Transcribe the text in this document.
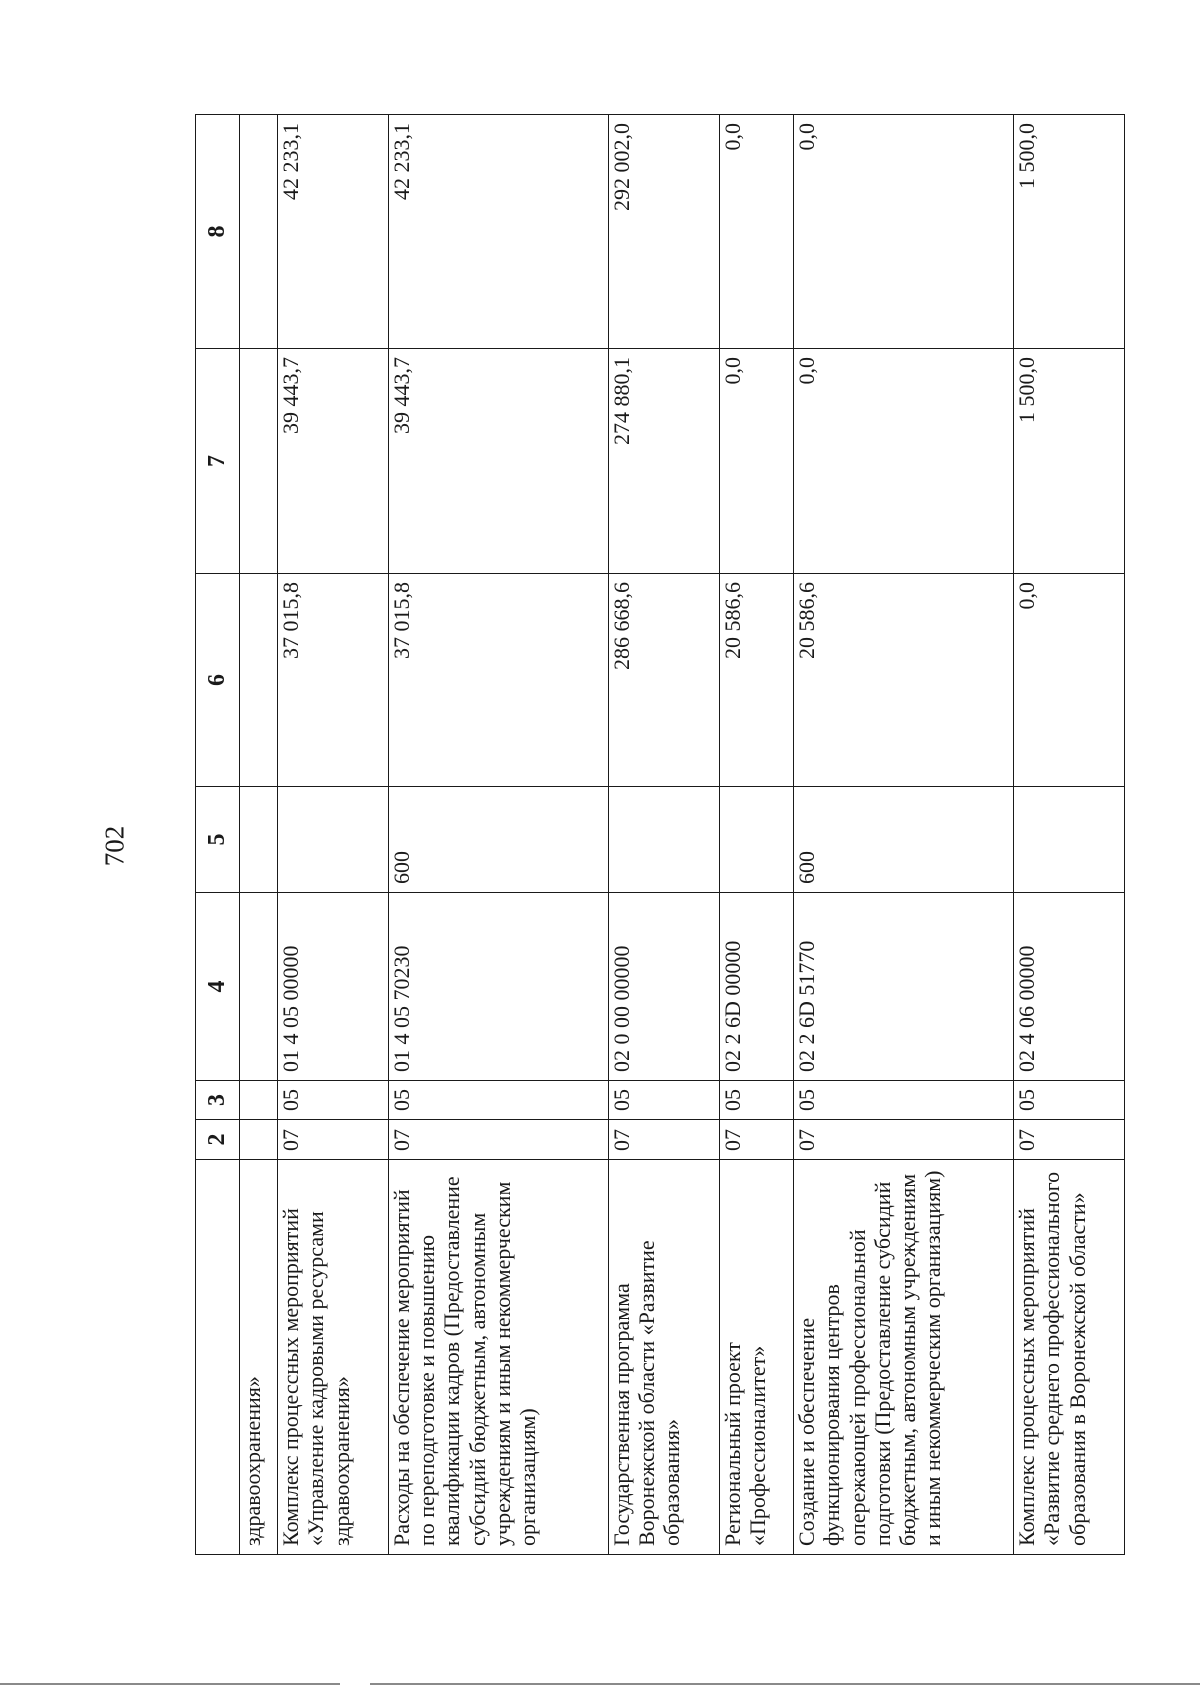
702
	2	3	4	5	6	7	8
здравоохранения»							
Комплекс процессных мероприятий «Управление кадровыми ресурсами здравоохранения»	07	05	01 4 05 00000		37 015,8	39 443,7	42 233,1
Расходы на обеспечение мероприятий по переподготовке и повышению квалификации кадров (Предоставление субсидий бюджетным, автономным учреждениям и иным некоммерческим организациям)	07	05	01 4 05 70230	600	37 015,8	39 443,7	42 233,1
Государственная программа Воронежской области «Развитие образования»	07	05	02 0 00 00000		286 668,6	274 880,1	292 002,0
Региональный проект «Профессионалитет»	07	05	02 2 6D 00000		20 586,6	0,0	0,0
Создание и обеспечение функционирования центров опережающей профессиональной подготовки (Предоставление субсидий бюджетным, автономным учреждениям и иным некоммерческим организациям)	07	05	02 2 6D 51770	600	20 586,6	0,0	0,0
Комплекс процессных мероприятий «Развитие среднего профессионального образования в Воронежской области»	07	05	02 4 06 00000		0,0	1 500,0	1 500,0
